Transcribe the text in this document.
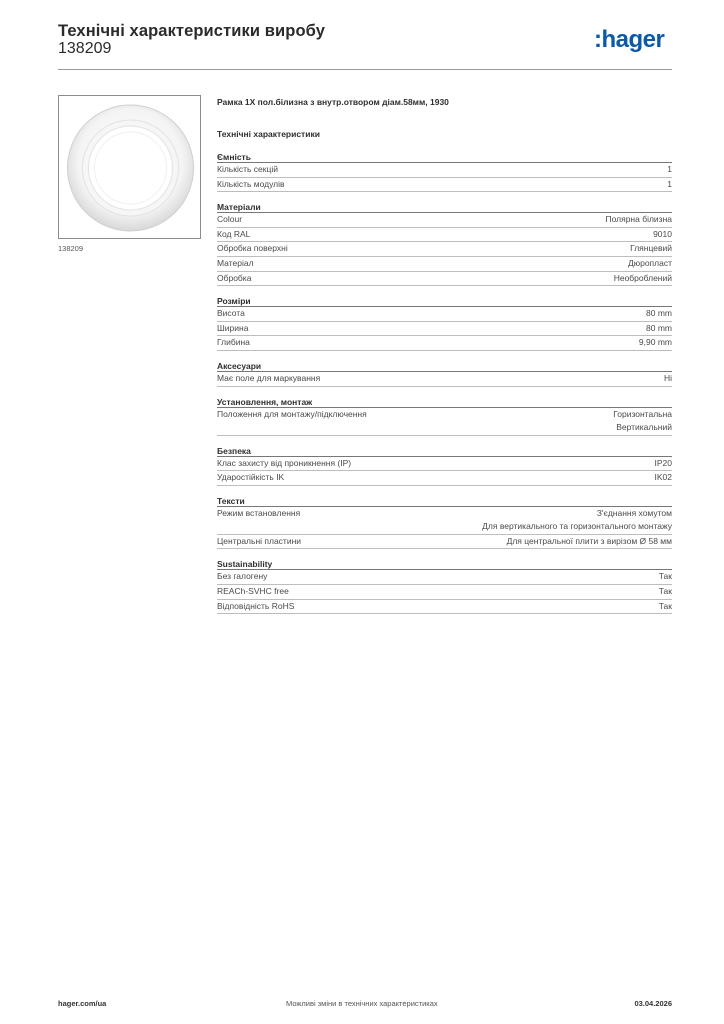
Технічні характеристики виробу
138209	:hager
138209
Рамка 1X пол.білизна з внутр.отвором діам.58мм, 1930
Технічні характеристики
Ємність
Кількість секцій	1
Кількість модулів	1
Матеріали
Colour	Полярна білизна
Код RAL	9010
Обробка поверхні	Глянцевий
Матеріал	Дюропласт
Обробка	Необроблений
Розміри
Висота	80 mm
Ширина	80 mm
Глибина	9,90 mm
Аксесуари
Має поле для маркування	Ні
Установлення, монтаж
Положення для монтажу/підключення	Горизонтальна
Вертикальний
Безпека
Клас захисту від проникнення (IP)	IP20
Ударостійкість IK	IK02
Тексти
Режим встановлення	З'єднання хомутом
Для вертикального та горизонтального монтажу
Центральні пластини	Для центральної плити з вирізом Ø 58 мм
Sustainability
Без галогену	Так
REACh-SVHC free	Так
Відповідність RoHS	Так
hager.com/ua	Можливі зміни в технічних характеристиках	03.04.2026
